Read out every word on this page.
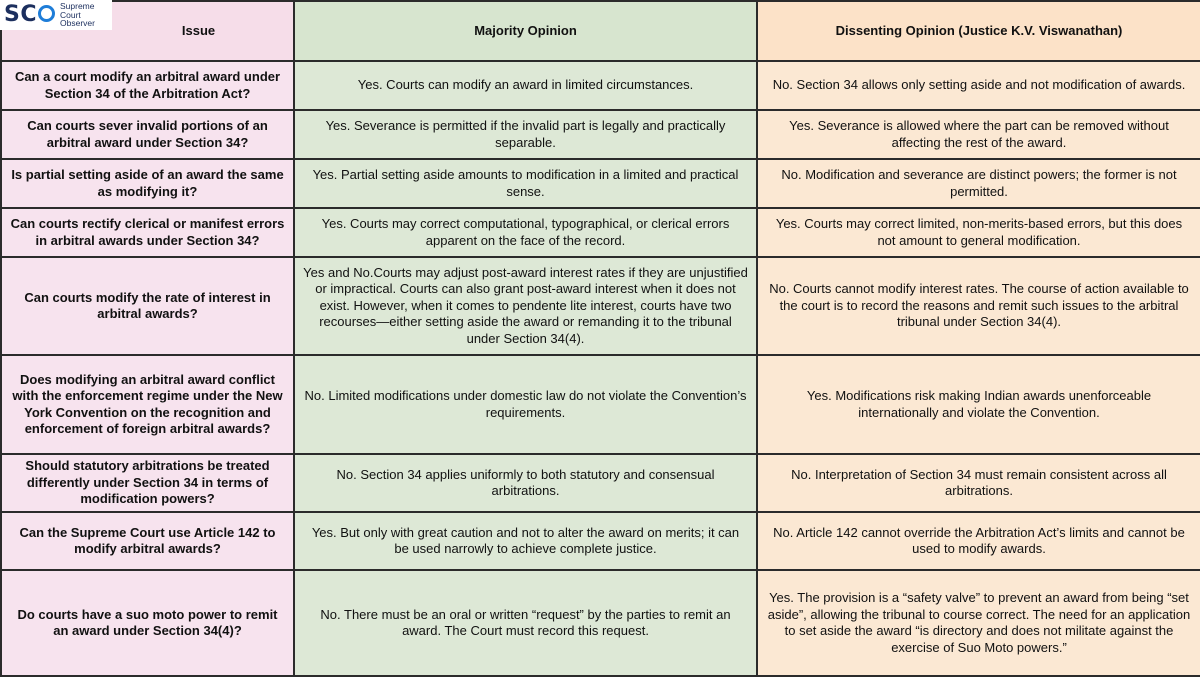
SC	Supreme
Court
Observer	Issue	Majority Opinion	Dissenting Opinion (Justice K.V. Viswanathan)
Can a court modify an arbitral award under Section 34 of the Arbitration Act?	Yes. Courts can modify an award in limited circumstances.	No. Section 34 allows only setting aside and not modification of awards.
Can courts sever invalid portions of an arbitral award under Section 34?	Yes. Severance is permitted if the invalid part is legally and practically separable.	Yes. Severance is allowed where the part can be removed without affecting the rest of the award.
Is partial setting aside of an award the same as modifying it?	Yes. Partial setting aside amounts to modification in a limited and practical sense.	No. Modification and severance are distinct powers; the former is not permitted.
Can courts rectify clerical or manifest errors in arbitral awards under Section 34?	Yes. Courts may correct computational, typographical, or clerical errors apparent on the face of the record.	Yes. Courts may correct limited, non-merits-based errors, but this does not amount to general modification.
Can courts modify the rate of interest in arbitral awards?	Yes and No.Courts may adjust post-award interest rates if they are unjustified or impractical. Courts can also grant post-award interest when it does not exist. However, when it comes to pendente lite interest, courts have two recourses—either setting aside the award or remanding it to the tribunal under Section 34(4).	No. Courts cannot modify interest rates. The course of action available to the court is to record the reasons and remit such issues to the arbitral tribunal under Section 34(4).
Does modifying an arbitral award conflict with the enforcement regime under the New York Convention on the recognition and enforcement of foreign arbitral awards?	No. Limited modifications under domestic law do not violate the Convention’s requirements.	Yes. Modifications risk making Indian awards unenforceable internationally and violate the Convention.
Should statutory arbitrations be treated differently under Section 34 in terms of modification powers?	No. Section 34 applies uniformly to both statutory and consensual arbitrations.	No. Interpretation of Section 34 must remain consistent across all arbitrations.
Can the Supreme Court use Article 142 to modify arbitral awards?	Yes. But only with great caution and not to alter the award on merits; it can be used narrowly to achieve complete justice.	No. Article 142 cannot override the Arbitration Act’s limits and cannot be used to modify awards.
Do courts have a suo moto power to remit an award under Section 34(4)?	No. There must be an oral or written “request” by the parties to remit an award. The Court must record this request.	Yes. The provision is a “safety valve” to prevent an award from being “set aside”, allowing the tribunal to course correct. The need for an application to set aside the award “is directory and does not militate against the exercise of Suo Moto powers.”
